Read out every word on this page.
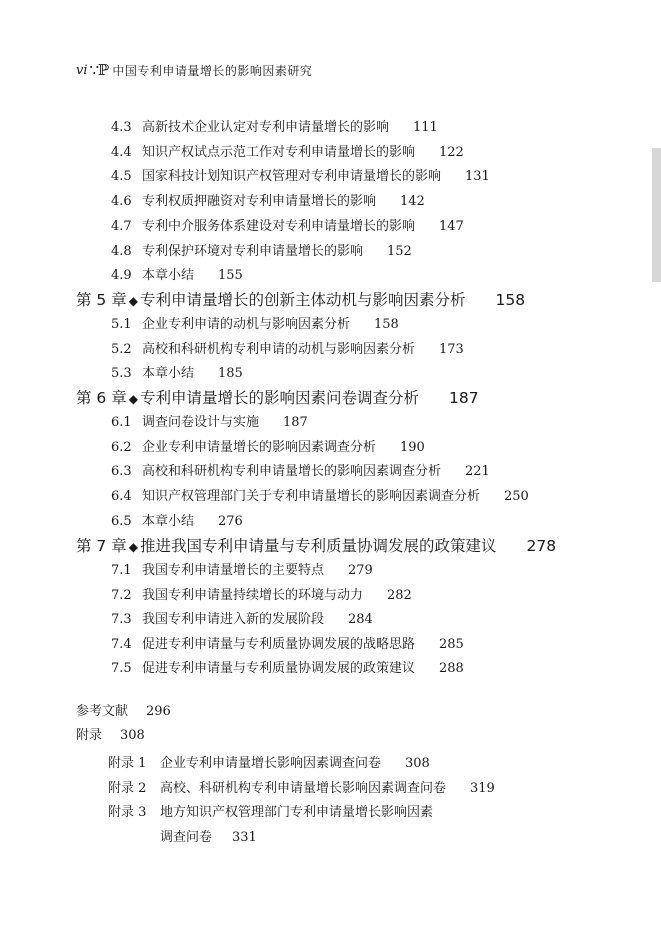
vi ∵ℙ 中国专利申请量增长的影响因素研究
4.3 高新技术企业认定对专利申请量增长的影响 111
4.4 知识产权试点示范工作对专利申请量增长的影响 122
4.5 国家科技计划知识产权管理对专利申请量增长的影响 131
4.6 专利权质押融资对专利申请量增长的影响 142
4.7 专利中介服务体系建设对专利申请量增长的影响 147
4.8 专利保护环境对专利申请量增长的影响 152
4.9 本章小结 155
第 5 章 ◆ 专利申请量增长的创新主体动机与影响因素分析 158
5.1 企业专利申请的动机与影响因素分析 158
5.2 高校和科研机构专利申请的动机与影响因素分析 173
5.3 本章小结 185
第 6 章 ◆ 专利申请量增长的影响因素问卷调查分析 187
6.1 调查问卷设计与实施 187
6.2 企业专利申请量增长的影响因素调查分析 190
6.3 高校和科研机构专利申请量增长的影响因素调查分析 221
6.4 知识产权管理部门关于专利申请量增长的影响因素调查分析 250
6.5 本章小结 276
第 7 章 ◆ 推进我国专利申请量与专利质量协调发展的政策建议 278
7.1 我国专利申请量增长的主要特点 279
7.2 我国专利申请量持续增长的环境与动力 282
7.3 我国专利申请进入新的发展阶段 284
7.4 促进专利申请量与专利质量协调发展的战略思路 285
7.5 促进专利申请量与专利质量协调发展的政策建议 288
参考文献 296
附录 308
附录 1	企业专利申请量增长影响因素调查问卷 308
附录 2	高校、科研机构专利申请量增长影响因素调查问卷 319
附录 3	地方知识产权管理部门专利申请量增长影响因素
调查问卷 331
